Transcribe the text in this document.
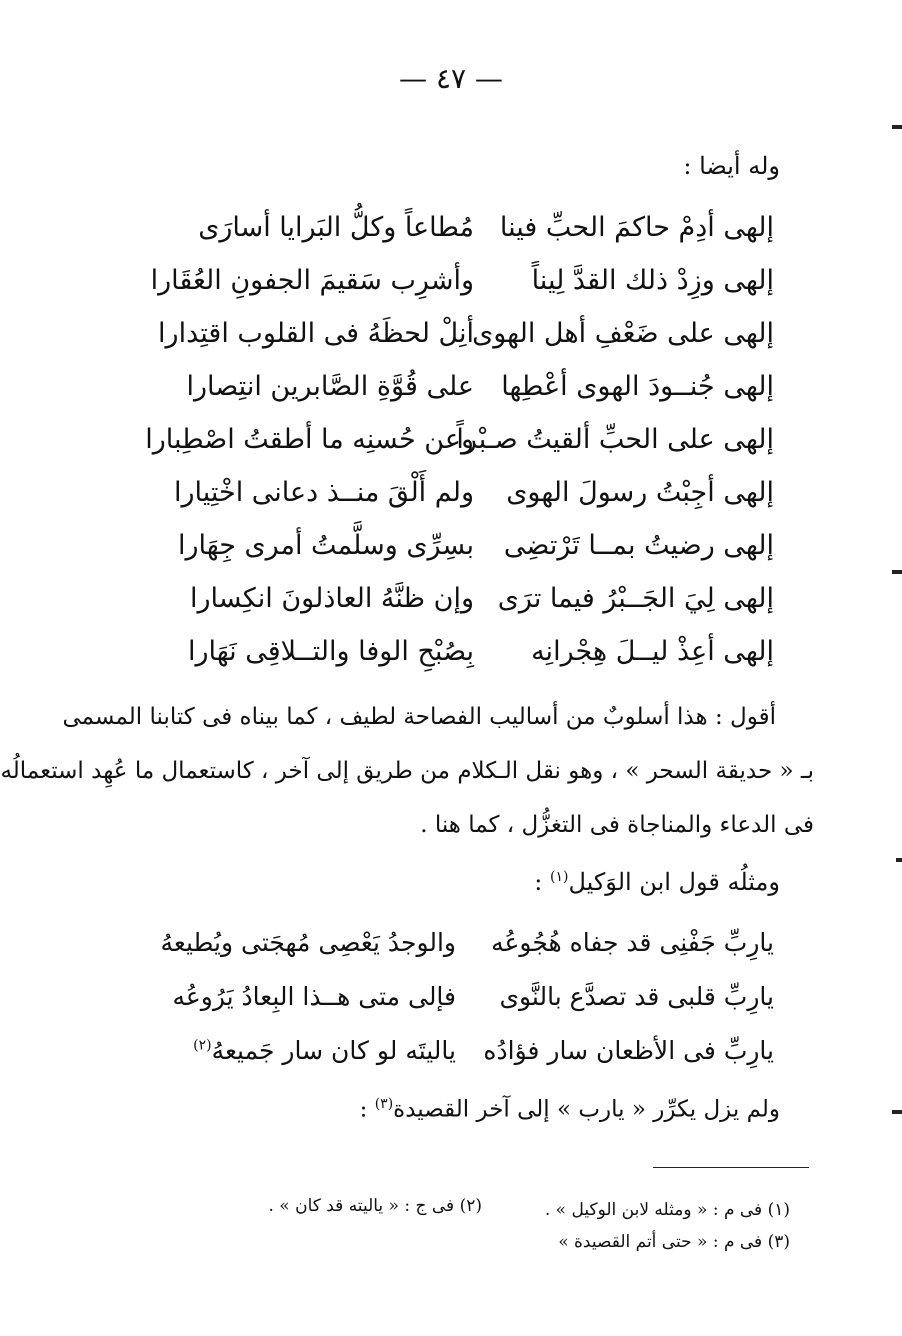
— ٤٧ —
وله أيضا :
إلهى أدِمْ حاكمَ الحبِّ فينا
مُطاعاً وكلُّ البَرايا أسارَى
إلهى وزِدْ ذلك القدَّ لِيناً
وأشرِب سَقيمَ الجفونِ العُقَارا
إلهى على ضَعْفِ أهل الهوى
أنِلْ لحظَهُ فى القلوب اقتِدارا
إلهى جُنــودَ الهوى أعْطِها
على قُوَّةِ الصَّابرين انتِصارا
إلهى على الحبِّ ألقيتُ صـبْراً
وعن حُسنِه ما أطقتُ اصْطِبارا
إلهى أجِبْتُ رسولَ الهوى
ولم أَلْقَ منــذ دعانى اخْتِيارا
إلهى رضيتُ بمــا تَرْتضِى
بسِرِّى وسلَّمتُ أمرى جِهَارا
إلهى لِيَ الجَــبْرُ فيما ترَى
وإن ظنَّهُ العاذلونَ انكِسارا
إلهى أعِذْ ليــلَ هِجْرانِه
بِصُبْحِ الوفا والتــلاقِى نَهَارا
أقول : هذا أسلوبٌ من أساليب الفصاحة لطيف ، كما بيناه فى كتابنا المسمى
بـ « حديقة السحر » ، وهو نقل الـكلام من طريق إلى آخر ، كاستعمال ما عُهِد استعمالُه
فى الدعاء والمناجاة فى التغزُّل ، كما هنا .
ومثلُه قول ابن الوَكيل$^{(١)}$ :
يارِبِّ جَفْنِى قد جفاه هُجُوعُه
والوجدُ يَعْصِى مُهجَتى ويُطيعهُ
يارِبِّ قلبى قد تصدَّع بالنَّوى
فإلى متى هــذا البِعادُ يَرُوعُه
يارِبِّ فى الأظعان سار فؤادُه
ياليتَه لو كان سار جَميعهُ$^{(٢)}$
ولم يزل يكرِّر « يارب » إلى آخر القصيدة$^{(٣)}$ :
(١) فى م : « ومثله لابن الوكيل » .
(٢) فى ج : « ياليته قد كان » .
(٣) فى م : « حتى أتم القصيدة »
